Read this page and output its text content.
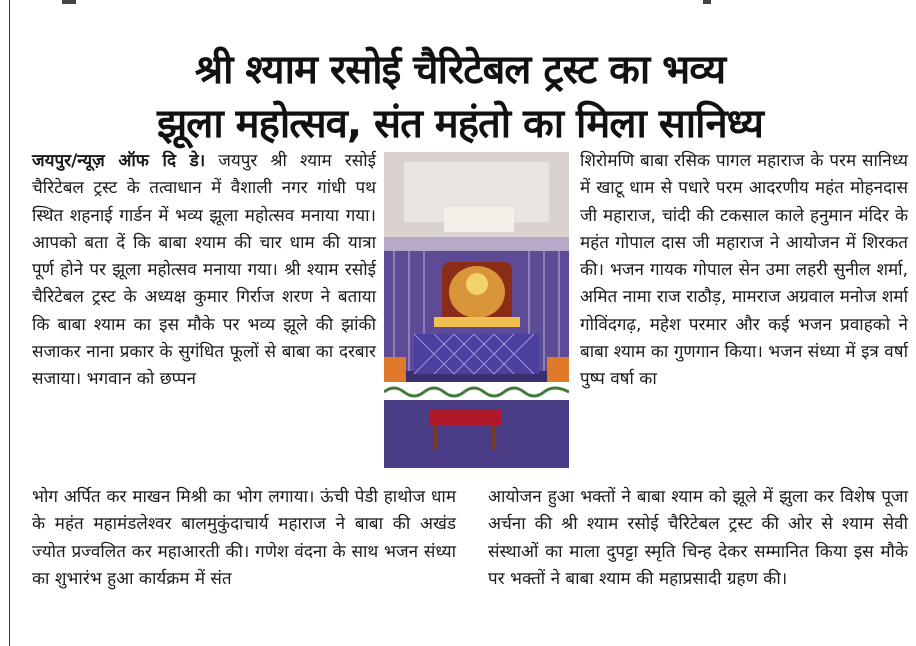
श्री श्याम रसोई चैरिटेबल ट्रस्ट का भव्य
झूला महोत्सव, संत महंतो का मिला सानिध्य

जयपुर/न्यूज़ ऑफ दि डे। जयपुर श्री श्याम रसोई चैरिटेबल ट्रस्ट के तत्वाधान में वैशाली नगर गांधी पथ स्थित शहनाई गार्डन में भव्य झूला महोत्सव मनाया गया। आपको बता दें कि बाबा श्याम की चार धाम की यात्रा पूर्ण होने पर झूला महोत्सव मनाया गया। श्री श्याम रसोई चैरिटेबल ट्रस्ट के अध्यक्ष कुमार गिर्राज शरण ने बताया कि बाबा श्याम का इस मौके पर भव्य झूले की झांकी सजाकर नाना प्रकार के सुगंधित फूलों से बाबा का दरबार सजाया। भगवान को छप्पन

शिरोमणि बाबा रसिक पागल महाराज के परम सानिध्य में खाटू धाम से पधारे परम आदरणीय महंत मोहनदास जी महाराज, चांदी की टकसाल काले हनुमान मंदिर के महंत गोपाल दास जी महाराज ने आयोजन में शिरकत की। भजन गायक गोपाल सेन उमा लहरी सुनील शर्मा, अमित नामा राज राठौड़, मामराज अग्रवाल मनोज शर्मा गोविंदगढ़, महेश परमार और कई भजन प्रवाहको ने बाबा श्याम का गुणगान किया। भजन संध्या में इत्र वर्षा पुष्प वर्षा का

भोग अर्पित कर माखन मिश्री का भोग लगाया। ऊंची पेडी हाथोज धाम के महंत महामंडलेश्वर बालमुकुंदाचार्य महाराज ने बाबा की अखंड ज्योत प्रज्वलित कर महाआरती की। गणेश वंदना के साथ भजन संध्या का शुभारंभ हुआ कार्यक्रम में संत
आयोजन हुआ भक्तों ने बाबा श्याम को झूले में झुला कर विशेष पूजा अर्चना की श्री श्याम रसोई चैरिटेबल ट्रस्ट की ओर से श्याम सेवी संस्थाओं का माला दुपट्टा स्मृति चिन्ह देकर सम्मानित किया इस मौके पर भक्तों ने बाबा श्याम की महाप्रसादी ग्रहण की।
